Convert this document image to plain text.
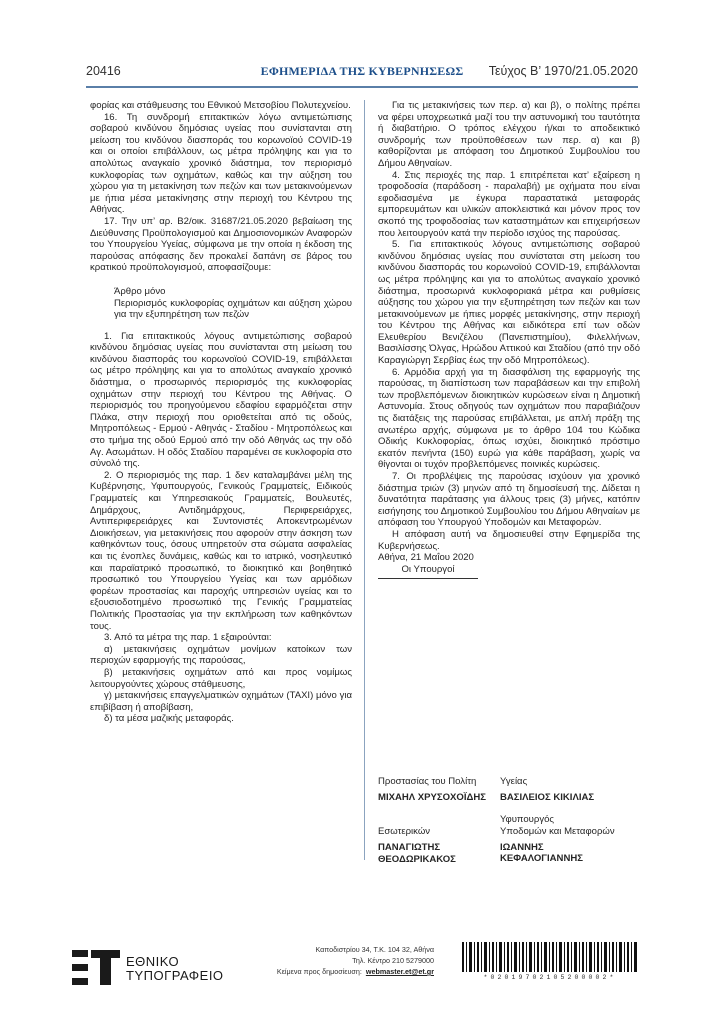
20416	ΕΦΗΜΕΡΙΔΑ ΤΗΣ ΚΥΒΕΡΝΗΣΕΩΣ	Τεύχος Β’ 1970/21.05.2020

φορίας και στάθμευσης του Εθνικού Μετσοβίου Πολυτεχνείου.

16. Τη συνδρομή επιτακτικών λόγω αντιμετώπισης σοβαρού κινδύνου δημόσιας υγείας που συνίστανται στη μείωση του κινδύνου διασποράς του κορωνοϊού COVID-19 και οι οποίοι επιβάλλουν, ως μέτρα πρόληψης και για το απολύτως αναγκαίο χρονικό διάστημα, τον περιορισμό κυκλοφορίας των οχημάτων, καθώς και την αύξηση του χώρου για τη μετακίνηση των πεζών και των μετακινούμενων με ήπια μέσα μετακίνησης στην περιοχή του Κέντρου της Αθήνας.

17. Την υπ’ αρ. Β2/οικ. 31687/21.05.2020 βεβαίωση της Διεύθυνσης Προϋπολογισμού και Δημοσιονομικών Αναφορών του Υπουργείου Υγείας, σύμφωνα με την οποία η έκδοση της παρούσας απόφασης δεν προκαλεί δαπάνη σε βάρος του κρατικού προϋπολογισμού, αποφασίζουμε:

Άρθρο μόνο
Περιορισμός κυκλοφορίας οχημάτων και αύξηση χώρου για την εξυπηρέτηση των πεζών

1. Για επιτακτικούς λόγους αντιμετώπισης σοβαρού κινδύνου δημόσιας υγείας που συνίστανται στη μείωση του κινδύνου διασποράς του κορωνοϊού COVID-19, επιβάλλεται ως μέτρο πρόληψης και για το απολύτως αναγκαίο χρονικό διάστημα, ο προσωρινός περιορισμός της κυκλοφορίας οχημάτων στην περιοχή του Κέντρου της Αθήνας. Ο περιορισμός του προηγούμενου εδαφίου εφαρμόζεται στην Πλάκα, στην περιοχή που οριοθετείται από τις οδούς, Μητροπόλεως - Ερμού - Αθηνάς - Σταδίου - Μητροπόλεως και στο τμήμα της οδού Ερμού από την οδό Αθηνάς ως την οδό Αγ. Ασωμάτων. Η οδός Σταδίου παραμένει σε κυκλοφορία στο σύνολό της.

2. Ο περιορισμός της παρ. 1 δεν καταλαμβάνει μέλη της Κυβέρνησης, Υφυπουργούς, Γενικούς Γραμματείς, Ειδικούς Γραμματείς και Υπηρεσιακούς Γραμματείς, Βουλευτές, Δημάρχους, Αντιδημάρχους, Περιφερειάρχες, Αντιπεριφερειάρχες και Συντονιστές Αποκεντρωμένων Διοικήσεων, για μετακινήσεις που αφορούν στην άσκηση των καθηκόντων τους, όσους υπηρετούν στα σώματα ασφαλείας και τις ένοπλες δυνάμεις, καθώς και το ιατρικό, νοσηλευτικό και παραϊατρικό προσωπικό, το διοικητικό και βοηθητικό προσωπικό του Υπουργείου Υγείας και των αρμόδιων φορέων προστασίας και παροχής υπηρεσιών υγείας και το εξουσιοδοτημένο προσωπικό της Γενικής Γραμματείας Πολιτικής Προστασίας για την εκπλήρωση των καθηκόντων τους.

3. Από τα μέτρα της παρ. 1 εξαιρούνται:

α) μετακινήσεις οχημάτων μονίμων κατοίκων των περιοχών εφαρμογής της παρούσας,

β) μετακινήσεις οχημάτων από και προς νομίμως λειτουργούντες χώρους στάθμευσης,

γ) μετακινήσεις επαγγελματικών οχημάτων (TAXI) μόνο για επιβίβαση ή αποβίβαση,

δ) τα μέσα μαζικής μεταφοράς.

Για τις μετακινήσεις των περ. α) και β), ο πολίτης πρέπει να φέρει υποχρεωτικά μαζί του την αστυνομική του ταυτότητα ή διαβατήριο. Ο τρόπος ελέγχου ή/και το αποδεικτικό συνδρομής των προϋποθέσεων των περ. α) και β) καθορίζονται με απόφαση του Δημοτικού Συμβουλίου του Δήμου Αθηναίων.

4. Στις περιοχές της παρ. 1 επιτρέπεται κατ’ εξαίρεση η τροφοδοσία (παράδοση - παραλαβή) με οχήματα που είναι εφοδιασμένα με έγκυρα παραστατικά μεταφοράς εμπορευμάτων και υλικών αποκλειστικά και μόνον προς τον σκοπό της τροφοδοσίας των καταστημάτων και επιχειρήσεων που λειτουργούν κατά την περίοδο ισχύος της παρούσας.

5. Για επιτακτικούς λόγους αντιμετώπισης σοβαρού κινδύνου δημόσιας υγείας που συνίσταται στη μείωση του κινδύνου διασποράς του κορωνοϊού COVID-19, επιβάλλονται ως μέτρα πρόληψης και για το απολύτως αναγκαίο χρονικό διάστημα, προσωρινά κυκλοφοριακά μέτρα και ρυθμίσεις αύξησης του χώρου για την εξυπηρέτηση των πεζών και των μετακινούμενων με ήπιες μορφές μετακίνησης, στην περιοχή του Κέντρου της Αθήνας και ειδικότερα επί των οδών Ελευθερίου Βενιζέλου (Πανεπιστημίου), Φιλελλήνων, Βασιλίσσης Όλγας, Ηρώδου Αττικού και Σταδίου (από την οδό Καραγιώργη Σερβίας έως την οδό Μητροπόλεως).

6. Αρμόδια αρχή για τη διασφάλιση της εφαρμογής της παρούσας, τη διαπίστωση των παραβάσεων και την επιβολή των προβλεπόμενων διοικητικών κυρώσεων είναι η Δημοτική Αστυνομία. Στους οδηγούς των οχημάτων που παραβιάζουν τις διατάξεις της παρούσας επιβάλλεται, με απλή πράξη της ανωτέρω αρχής, σύμφωνα με το άρθρο 104 του Κώδικα Οδικής Κυκλοφορίας, όπως ισχύει, διοικητικό πρόστιμο εκατόν πενήντα (150) ευρώ για κάθε παράβαση, χωρίς να θίγονται οι τυχόν προβλεπόμενες ποινικές κυρώσεις.

7. Οι προβλέψεις της παρούσας ισχύουν για χρονικό διάστημα τριών (3) μηνών από τη δημοσίευσή της. Δίδεται η δυνατότητα παράτασης για άλλους τρεις (3) μήνες, κατόπιν εισήγησης του Δημοτικού Συμβουλίου του Δήμου Αθηναίων με απόφαση του Υπουργού Υποδομών και Μεταφορών.

Η απόφαση αυτή να δημοσιευθεί στην Εφημερίδα της Κυβερνήσεως.

Αθήνα, 21 Μαΐου 2020

Οι Υπουργοί

Προστασίας του Πολίτη
ΜΙΧΑΗΛ ΧΡΥΣΟΧΟΪΔΗΣ
Υγείας
ΒΑΣΙΛΕΙΟΣ ΚΙΚΙΛΙΑΣ
Εσωτερικών
ΠΑΝΑΓΙΩΤΗΣ ΘΕΟΔΩΡΙΚΑΚΟΣ
Υφυπουργός
Υποδομών και Μεταφορών
ΙΩΑΝΝΗΣ ΚΕΦΑΛΟΓΙΑΝΝΗΣ
ΕΘΝΙΚΟ
ΤΥΠΟΓΡΑΦΕΙΟ
Καποδιστρίου 34, Τ.Κ. 104 32, Αθήνα
Τηλ. Κέντρο 210 5279000
Κείμενα προς δημοσίευση: webmaster.et@et.gr
*02019702105200002*
